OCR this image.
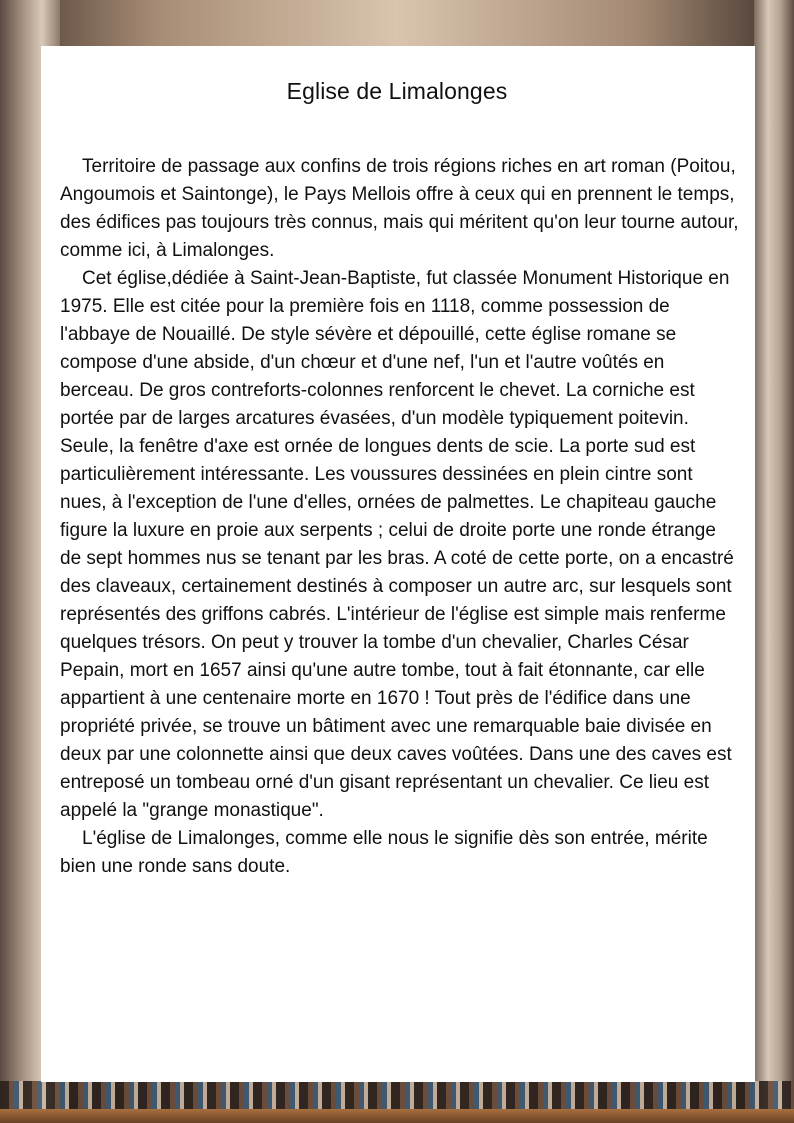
Eglise de Limalonges

Territoire de passage aux confins de trois régions riches en art roman (Poitou, Angoumois et Saintonge), le Pays Mellois offre à ceux qui en prennent le temps, des édifices pas toujours très connus, mais qui méritent qu'on leur tourne autour, comme ici, à Limalonges.

Cet église,dédiée à Saint-Jean-Baptiste, fut classée Monument Historique en 1975. Elle est citée pour la première fois en 1118, comme possession de l'abbaye de Nouaillé. De style sévère et dépouillé, cette église romane se compose d'une abside, d'un chœur et d'une nef, l'un et l'autre voûtés en berceau. De gros contreforts-colonnes renforcent le chevet. La corniche est portée par de larges arcatures évasées, d'un modèle typiquement poitevin. Seule, la fenêtre d'axe est ornée de longues dents de scie. La porte sud est particulièrement intéressante. Les voussures dessinées en plein cintre sont nues, à l'exception de l'une d'elles, ornées de palmettes. Le chapiteau gauche figure la luxure en proie aux serpents ; celui de droite porte une ronde étrange de sept hommes nus se tenant par les bras. A coté de cette porte, on a encastré des claveaux, certainement destinés à composer un autre arc, sur lesquels sont représentés des griffons cabrés. L'intérieur de l'église est simple mais renferme quelques trésors. On peut y trouver la tombe d'un chevalier, Charles César Pepain, mort en 1657 ainsi qu'une autre tombe, tout à fait étonnante, car elle appartient à une centenaire morte en 1670 ! Tout près de l'édifice dans une propriété privée, se trouve un bâtiment avec une remarquable baie divisée en deux par une colonnette ainsi que deux caves voûtées. Dans une des caves est entreposé un tombeau orné d'un gisant représentant un chevalier. Ce lieu est appelé la "grange monastique".

L'église de Limalonges, comme elle nous le signifie dès son entrée, mérite bien une ronde sans doute.
